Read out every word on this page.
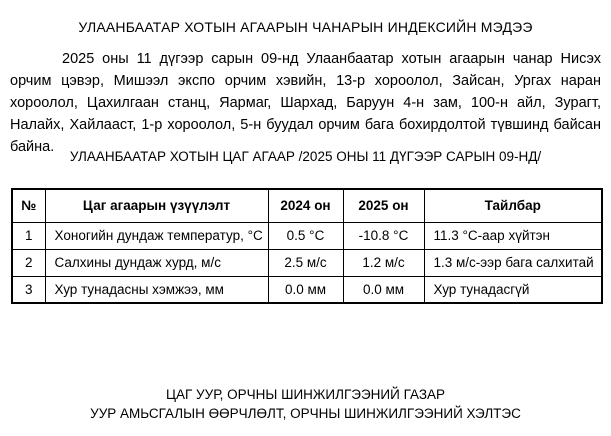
УЛААНБААТАР ХОТЫН АГААРЫН ЧАНАРЫН ИНДЕКСИЙН МЭДЭЭ

2025 оны 11 дүгээр сарын 09-нд Улаанбаатар хотын агаарын чанар Нисэх орчим цэвэр, Мишээл экспо орчим хэвийн, 13-р хороолол, Зайсан, Ургах наран хороолол, Цахилгаан станц, Яармаг, Шархад, Баруун 4-н зам, 100-н айл, Зурагт, Налайх, Хайлааст, 1-р хороолол, 5-н буудал орчим бага бохирдолтой түвшинд байсан байна.

УЛААНБААТАР ХОТЫН ЦАГ АГААР /2025 ОНЫ 11 ДҮГЭЭР САРЫН 09-НД/
№	Цаг агаарын үзүүлэлт	2024 он	2025 он	Тайлбар
1	Хоногийн дундаж температур, °С	0.5 °С	-10.8 °С	11.3 °С-аар хүйтэн
2	Салхины дундаж хурд, м/с	2.5 м/с	1.2 м/с	1.3 м/с-ээр бага салхитай
3	Хур тунадасны хэмжээ, мм	0.0 мм	0.0 мм	Хур тунадасгүй
ЦАГ УУР, ОРЧНЫ ШИНЖИЛГЭЭНИЙ ГАЗАР
УУР АМЬСГАЛЫН ӨӨРЧЛӨЛТ, ОРЧНЫ ШИНЖИЛГЭЭНИЙ ХЭЛТЭС
